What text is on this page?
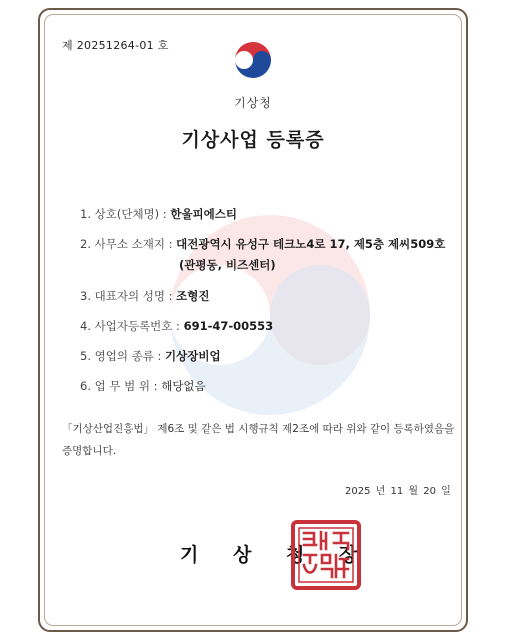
제 20251264-01 호
기상청
기상사업 등록증
1. 상호(단체명) : 한울피에스티
2. 사무소 소재지 : 대전광역시 유성구 테크노4로 17, 제5층 제씨509호
(관평동, 비즈센터)
3. 대표자의 성명 : 조형진
4. 사업자등록번호 : 691-47-00553
5. 영업의 종류 : 기상장비업
6. 업 무 범 위 : 해당없음
「기상산업진흥법」 제6조 및 같은 법 시행규칙 제2조에 따라 위와 같이 등록하였음을 증명합니다.
2025 년 11 월 20 일
기 상 청 장
